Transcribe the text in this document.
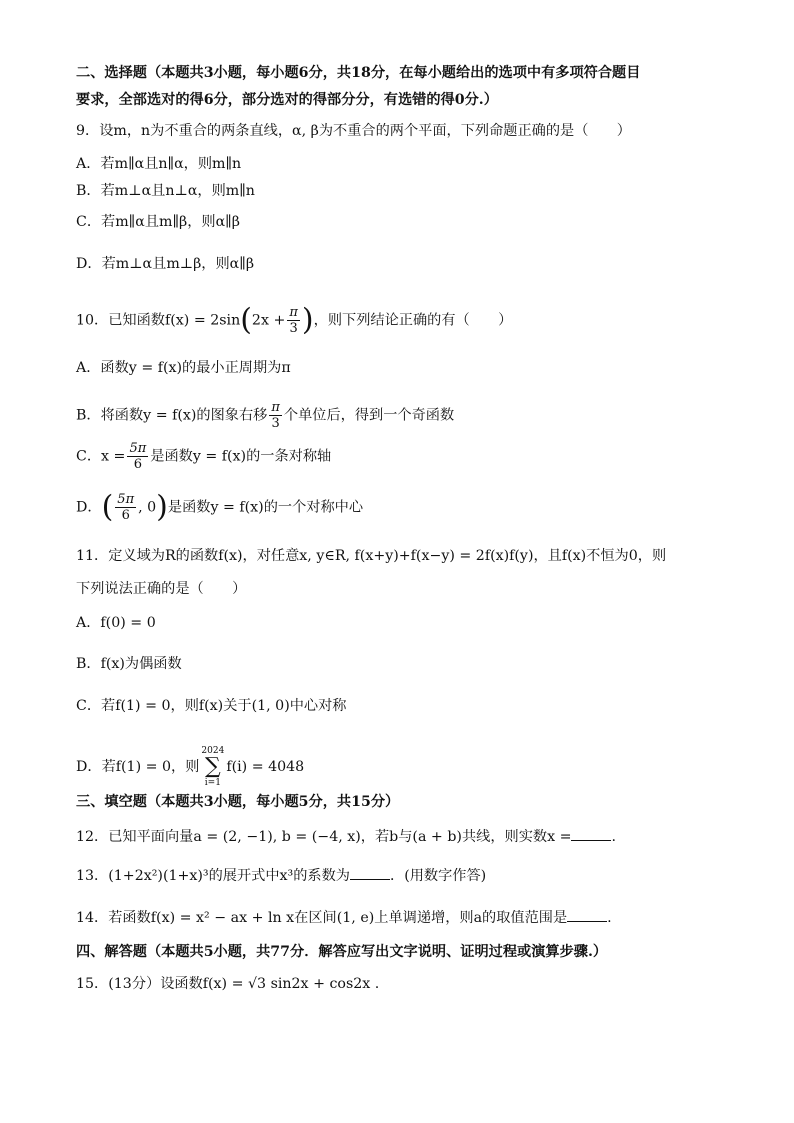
二、选择题（本题共3小题，每小题6分，共18分，在每小题给出的选项中有多项符合题目
要求，全部选对的得6分，部分选对的得部分分，有选错的得0分.）
9．设m，n为不重合的两条直线，α, β为不重合的两个平面，下列命题正确的是（　　）
A．若m∥α且n∥α，则m∥n
B．若m⊥α且n⊥α，则m∥n
C．若m∥α且m∥β，则α∥β
D．若m⊥α且m⊥β，则α∥β
10．已知函数$f(x) = 2\sin(2x + \frac{\pi}{3}$ )，则下列结论正确的有（　　）
A．函数y = f(x)的最小正周期为π
B．将函数y = f(x)的图象右移 $\frac{\pi}{3}$ 个单位后，得到一个奇函数
C．$x = \frac{5\pi}{6}$ 是函数y = f(x)的一条对称轴
D．( $\frac{5\pi}{6}$ , 0)是函数y = f(x)的一个对称中心
11．定义域为R的函数f(x)，对任意x, y∈R, f(x+y)+f(x−y) = 2f(x)f(y)，且f(x)不恒为0，则
下列说法正确的是（　　）
A．f(0) = 0
B．f(x)为偶函数
C．若f(1) = 0，则f(x)关于(1, 0)中心对称
D．若f(1) = 0，则
2024
∑
i=1
f(i) = 4048
三、填空题（本题共3小题，每小题5分，共15分）
12．已知平面向量a = (2, −1), b = (−4, x)，若b与(a + b)共线，则实数x =	.
13．(1+2x²)(1+x)³的展开式中x³的系数为	．(用数字作答)
14．若函数f(x) = x² − ax + ln x在区间(1, e)上单调递增，则a的取值范围是	.
四、解答题（本题共5小题，共77分．解答应写出文字说明、证明过程或演算步骤.）
15．(13分）设函数f(x) = √3 sin2x + cos2x .
